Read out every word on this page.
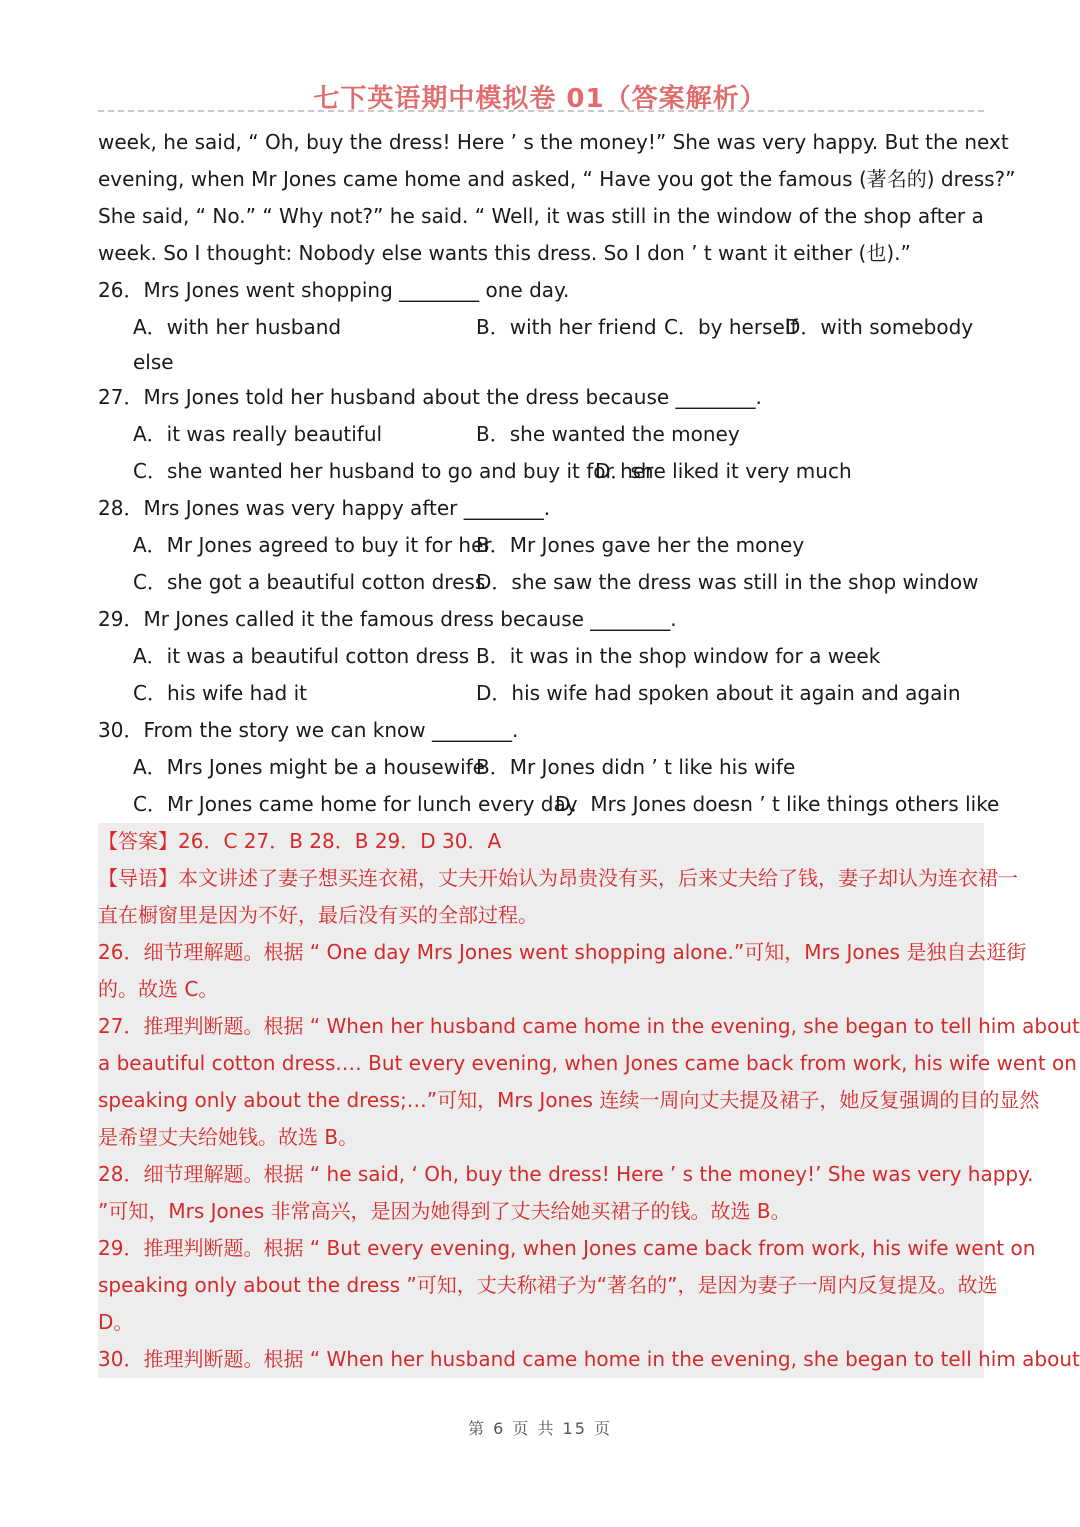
七下英语期中模拟卷 01（答案解析）
week, he said, “ Oh, buy the dress! Here ’ s the money!” She was very happy. But the next
evening, when Mr Jones came home and asked, “ Have you got the famous (著名的) dress?”
She said, “ No.” “ Why not?” he said. “ Well, it was still in the window of the shop after a
week. So I thought: Nobody else wants this dress. So I don ’ t want it either (也).”
26．Mrs Jones went shopping ________ one day.
A．with her husband	B．with her friend C．by herself
D．with somebody
else
27．Mrs Jones told her husband about the dress because ________.
A．it was really beautiful	B．she wanted the money
C．she wanted her husband to go and buy it for her
D．she liked it very much
28．Mrs Jones was very happy after ________.
A．Mr Jones agreed to buy it for her
B．Mr Jones gave her the money
C．she got a beautiful cotton dress
D．she saw the dress was still in the shop window
29．Mr Jones called it the famous dress because ________.
A．it was a beautiful cotton dress B．it was in the shop window for a week
C．his wife had it	D．his wife had spoken about it again and again
30．From the story we can know ________.
A．Mrs Jones might be a housewife
B．Mr Jones didn ’ t like his wife
C．Mr Jones came home for lunch every day
D．Mrs Jones doesn ’ t like things others like
【答案】26．C 27．B 28．B 29．D 30．A
【导语】本文讲述了妻子想买连衣裙，丈夫开始认为昂贵没有买，后来丈夫给了钱，妻子却认为连衣裙一
直在橱窗里是因为不好，最后没有买的全部过程。
26．细节理解题。根据 “ One day Mrs Jones went shopping alone.”可知，Mrs Jones 是独自去逛街
的。故选 C。
27．推理判断题。根据 “ When her husband came home in the evening, she began to tell him about
a beautiful cotton dress.… But every evening, when Jones came back from work, his wife went on
speaking only about the dress;…”可知，Mrs Jones 连续一周向丈夫提及裙子，她反复强调的目的显然
是希望丈夫给她钱。故选 B。
28．细节理解题。根据 “ he said, ‘ Oh, buy the dress! Here ’ s the money!’ She was very happy.
”可知，Mrs Jones 非常高兴，是因为她得到了丈夫给她买裙子的钱。故选 B。
29．推理判断题。根据 “ But every evening, when Jones came back from work, his wife went on
speaking only about the dress ”可知，丈夫称裙子为“著名的”，是因为妻子一周内反复提及。故选
D。
30．推理判断题。根据 “ When her husband came home in the evening, she began to tell him about
第 6 页 共 15 页
